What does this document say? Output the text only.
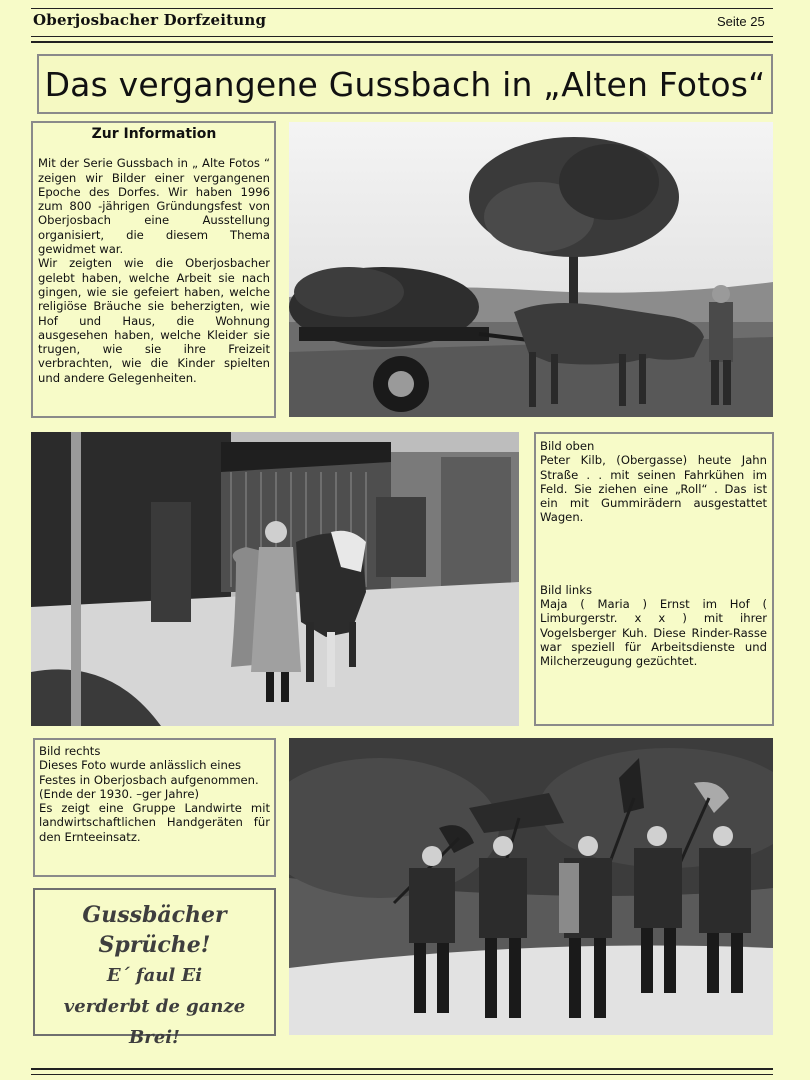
Oberjosbacher Dorfzeitung	Seite 25
Das vergangene Gussbach in „Alten Fotos“
Zur Information

Mit der Serie Gussbach in „ Alte Fotos “ zeigen wir Bilder einer vergangenen Epoche des Dorfes. Wir haben 1996 zum 800 -jährigen Gründungsfest von Oberjosbach eine Ausstellung organisiert, die diesem Thema gewidmet war.

Wir zeigten wie die Oberjosbacher gelebt haben, welche Arbeit sie nach gingen, wie sie gefeiert haben, welche religiöse Bräuche sie beherzigten, wie Hof und Haus, die Wohnung ausgesehen haben, welche Kleider sie trugen, wie sie ihre Freizeit verbrachten, wie die Kinder spielten und andere Gelegenheiten.

Bild oben

Peter Kilb, (Obergasse) heute Jahn Straße . . mit seinen Fahrkühen im Feld. Sie ziehen eine „Roll“ . Das ist ein mit Gummirädern ausgestattet Wagen.

Bild links

Maja ( Maria ) Ernst im Hof ( Limburgerstr. x x ) mit ihrer Vogelsberger Kuh. Diese Rinder-Rasse war speziell für Arbeitsdienste und Milcherzeugung gezüchtet.

Bild rechts

Dieses Foto wurde anlässlich eines Festes in Oberjosbach aufgenommen.

(Ende der 1930. –ger Jahre)

Es zeigt eine Gruppe Landwirte mit landwirtschaftlichen Handgeräten für den Ernteeinsatz.

Gussbächer Sprüche!
E´ faul Ei
verderbt de ganze
Brei!
